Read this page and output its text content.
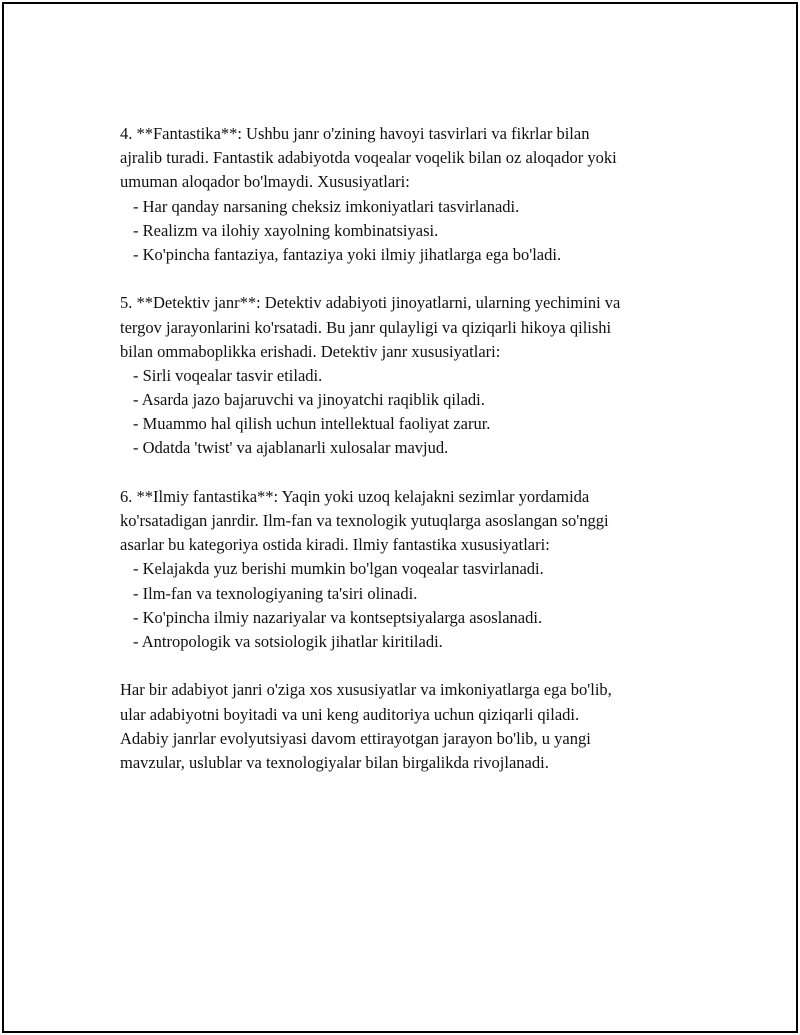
4. **Fantastika**: Ushbu janr o'zining havoyi tasvirlari va fikrlar bilan
ajralib turadi. Fantastik adabiyotda voqealar voqelik bilan oz aloqador yoki
umuman aloqador bo'lmaydi. Xususiyatlari:
- Har qanday narsaning cheksiz imkoniyatlari tasvirlanadi.
- Realizm va ilohiy xayolning kombinatsiyasi.
- Ko'pincha fantaziya, fantaziya yoki ilmiy jihatlarga ega bo'ladi.
5. **Detektiv janr**: Detektiv adabiyoti jinoyatlarni, ularning yechimini va
tergov jarayonlarini ko'rsatadi. Bu janr qulayligi va qiziqarli hikoya qilishi
bilan ommaboplikka erishadi. Detektiv janr xususiyatlari:
- Sirli voqealar tasvir etiladi.
- Asarda jazo bajaruvchi va jinoyatchi raqiblik qiladi.
- Muammo hal qilish uchun intellektual faoliyat zarur.
- Odatda 'twist' va ajablanarli xulosalar mavjud.
6. **Ilmiy fantastika**: Yaqin yoki uzoq kelajakni sezimlar yordamida
ko'rsatadigan janrdir. Ilm-fan va texnologik yutuqlarga asoslangan so'nggi
asarlar bu kategoriya ostida kiradi. Ilmiy fantastika xususiyatlari:
- Kelajakda yuz berishi mumkin bo'lgan voqealar tasvirlanadi.
- Ilm-fan va texnologiyaning ta'siri olinadi.
- Ko'pincha ilmiy nazariyalar va kontseptsiyalarga asoslanadi.
- Antropologik va sotsiologik jihatlar kiritiladi.
Har bir adabiyot janri o'ziga xos xususiyatlar va imkoniyatlarga ega bo'lib,
ular adabiyotni boyitadi va uni keng auditoriya uchun qiziqarli qiladi.
Adabiy janrlar evolyutsiyasi davom ettirayotgan jarayon bo'lib, u yangi
mavzular, uslublar va texnologiyalar bilan birgalikda rivojlanadi.
